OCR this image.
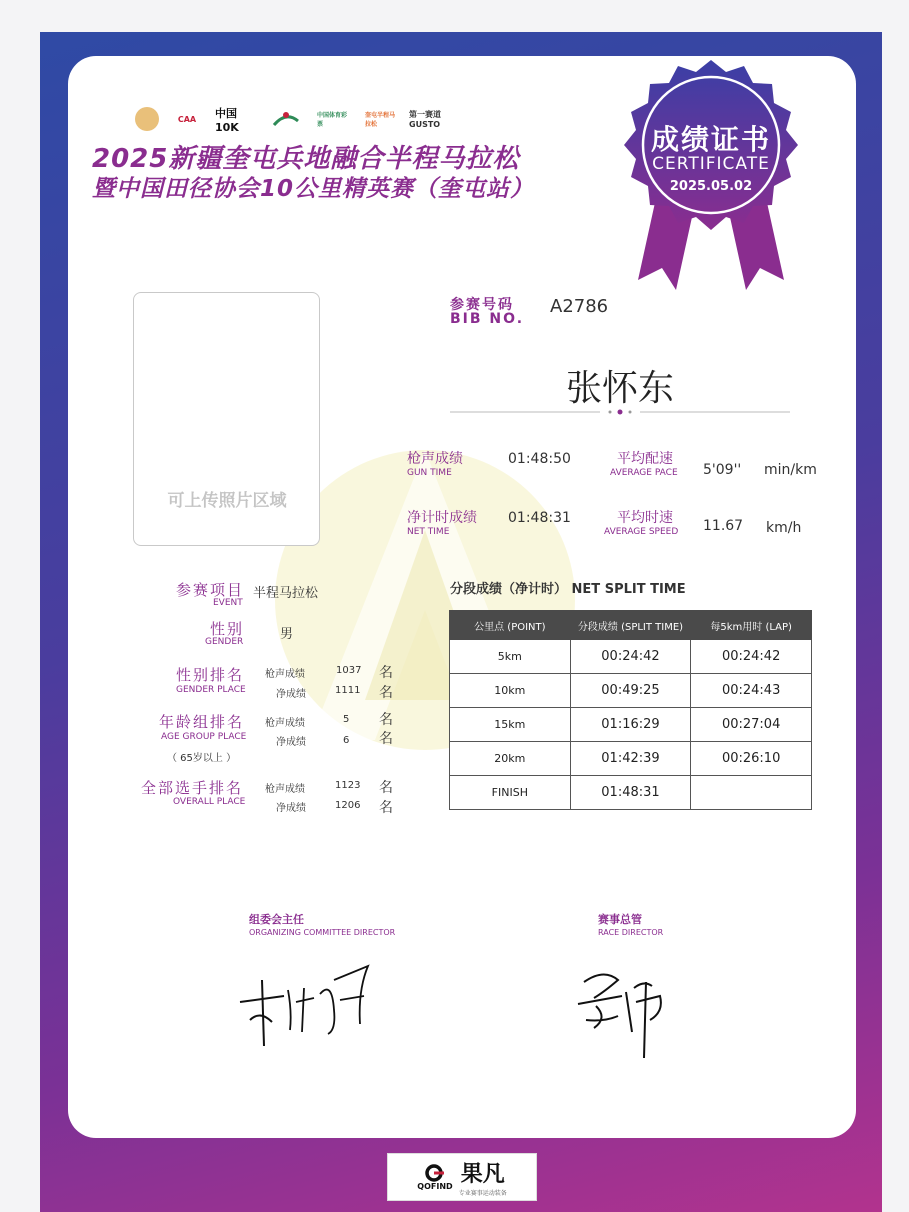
CAA	中国 10K
中国体育彩票
奎屯半程马拉松
第一赛道 GUSTO
2025新疆奎屯兵地融合半程马拉松
暨中国田径协会10公里精英赛（奎屯站）
成绩证书
CERTIFICATE
2025.05.02
可上传照片区域
参赛号码
BIB NO.
A2786
张怀东
枪声成绩
GUN TIME
01:48:50	平均配速
AVERAGE PACE 5'09'' min/km
净计时成绩
NET TIME
01:48:31	平均时速
AVERAGE SPEED 11.67 km/h
参赛项目
EVENT
半程马拉松
性别
GENDER	男
性别排名
GENDER PLACE
枪声成绩	1037 名
净成绩	1111 名
年龄组排名
AGE GROUP PLACE
（ 65岁以上 ）
枪声成绩	5 名
净成绩	6 名
全部选手排名
OVERALL PLACE
枪声成绩	1123 名
净成绩	1206 名
分段成绩（净计时） NET SPLIT TIME
公里点 (POINT)	分段成绩 (SPLIT TIME)	每5km用时 (LAP)
5km	00:24:42	00:24:42
10km	00:49:25	00:24:43
15km	01:16:29	00:27:04
20km	01:42:39	00:26:10
FINISH	01:48:31	
组委会主任
ORGANIZING COMMITTEE DIRECTOR
赛事总管
RACE DIRECTOR
QOFIND 果凡
专业赛事运动装备
